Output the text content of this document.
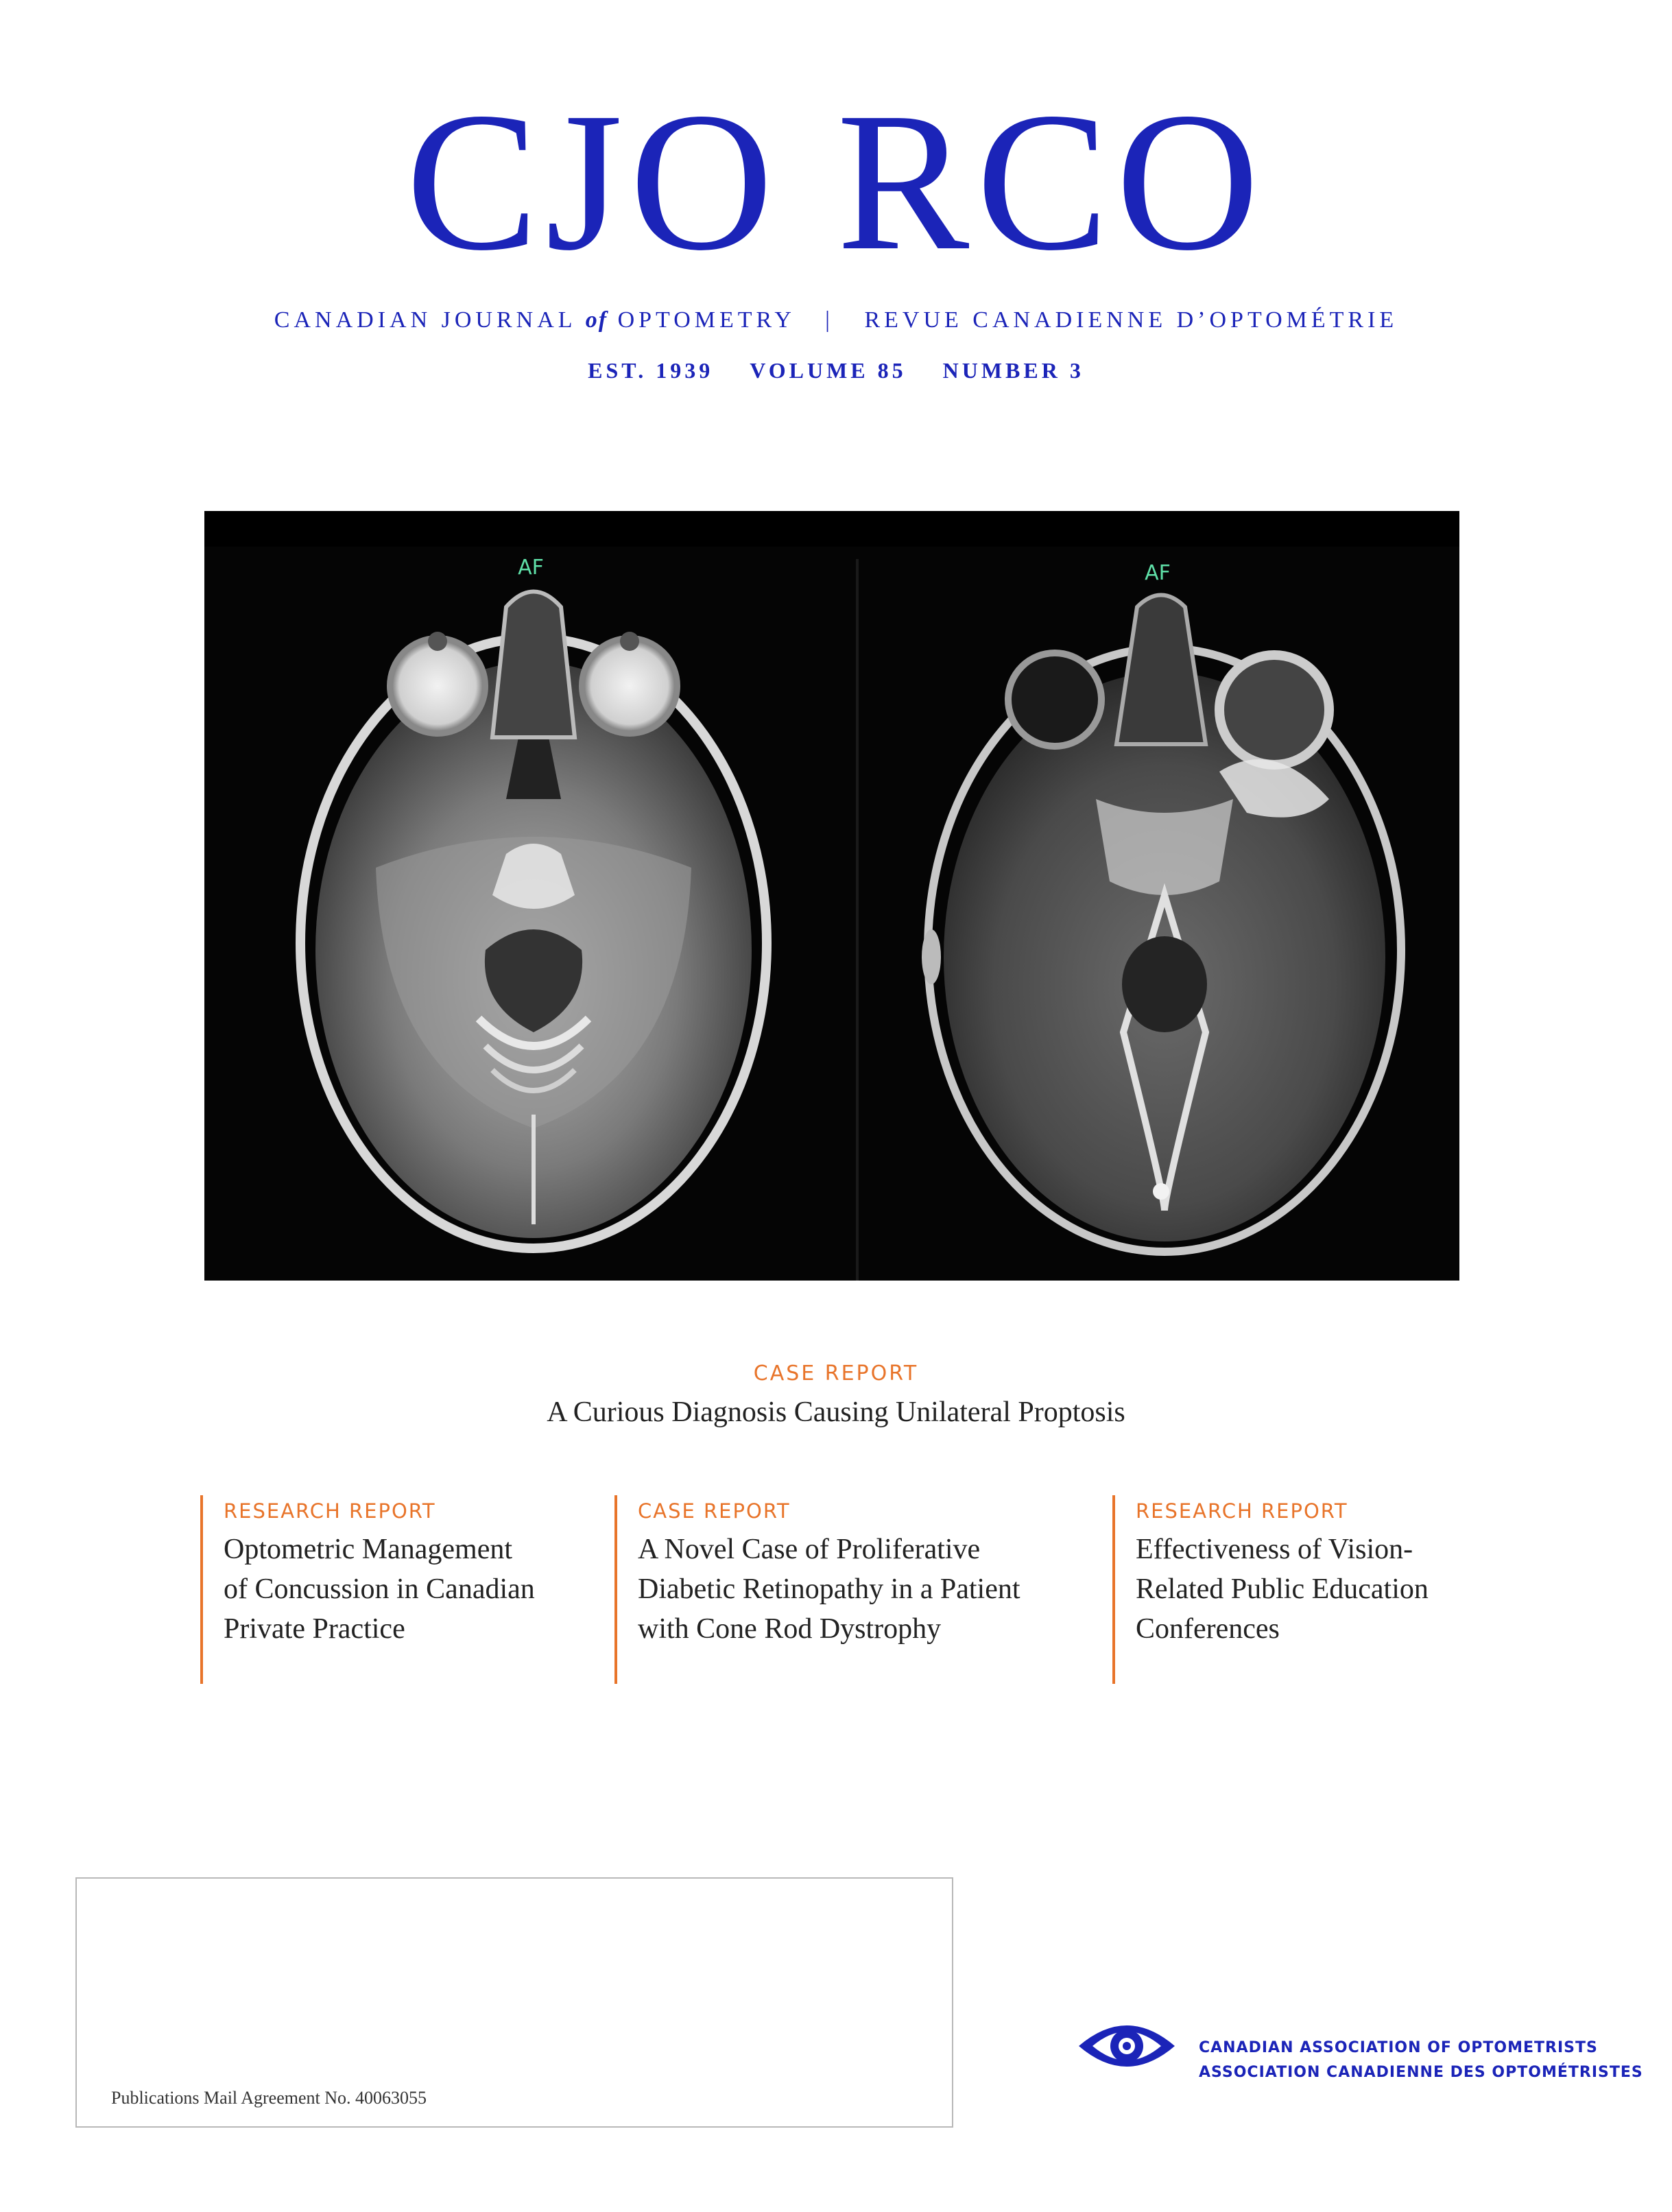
CJO RCO
CANADIAN JOURNAL of OPTOMETRY | REVUE CANADIENNE D’OPTOMÉTRIE
EST. 1939 VOLUME 85 NUMBER 3
AF	AF
CASE REPORT
A Curious Diagnosis Causing Unilateral Proptosis
RESEARCH REPORT
Optometric Management
of Concussion in Canadian
Private Practice
CASE REPORT
A Novel Case of Proliferative
Diabetic Retinopathy in a Patient
with Cone Rod Dystrophy
RESEARCH REPORT
Effectiveness of Vision-
Related Public Education
Conferences
Publications Mail Agreement No. 40063055
CANADIAN ASSOCIATION OF OPTOMETRISTS
ASSOCIATION CANADIENNE DES OPTOMÉTRISTES
